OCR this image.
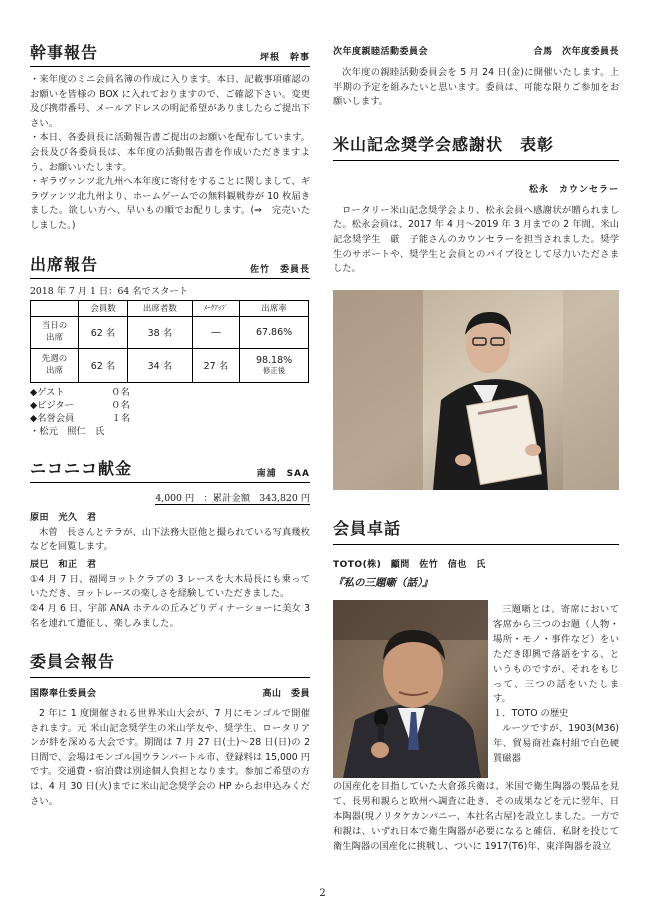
幹事報告	坪根　幹事

・来年度のミニ会員名簿の作成に入ります。本日、記載事項確認のお願いを皆様の BOX に入れておりますので、ご確認下さい。変更及び携帯番号、メールアドレスの明記希望がありましたらご提出下さい。

・本日、各委員長に活動報告書ご提出のお願いを配布しています。会長及び各委員長は、本年度の活動報告書を作成いただきますよう、お願いいたします。

・ギラヴァンツ北九州へ本年度に寄付をすることに関しまして、ギラヴァンツ北九州より、ホームゲームでの無料観戦券が 10 枚届きました。欲しい方へ、早いもの順でお配りします。(⇒　完売いたしました。)

出席報告	佐竹　委員長
2018 年 7 月 1 日：64 名でスタート
	会員数	出席者数	ﾒｰｸｱｯﾌﾟ	出席率
当日の
出席	62 名	38 名	―	67.86%
先週の
出席	62 名	34 名	27 名	98.18%
修正後
◆ゲスト　　　　　０名
◆ビジター　　　　０名
◆名誉会員　　　　１名
・松元　照仁　氏
ニコニコ献金	南浦　SAA
4,000 円　：累計金額　343,820 円
原田　光久　君
木曽　長さんとテラが、山下法務大臣他と撮られている写真幾枚などを回覧します。
辰巳　和正　君

①4 月 7 日、福岡ヨットクラブの 3 レースを大木局長にも乗っていただき、ヨットレースの楽しさを経験していただきました。

②4 月 6 日、宇部 ANA ホテルの丘みどりディナーショーに美女 3 名を連れて遭征し、楽しみました。

委員会報告
国際奉仕委員会	高山　委員
2 年に 1 度開催される世界米山大会が、7 月にモンゴルで開催されます。元 米山記念奨学生の米山学友や、奨学生、ロータリアンが絆を深める大会です。期間は 7 月 27 日(土)〜28 日(日)の 2 日間で、会場はモンゴル国ウランバートル市、登録料は 15,000 円です。交通費・宿泊費は別途個人負担となります。参加ご希望の方は、4 月 30 日(火)までに米山記念奨学会の HP からお申込みください。
次年度親睦活動委員会	合馬　次年度委員長
次年度の親睦活動委員会を 5 月 24 日(金)に開催いたします。上半期の予定を組みたいと思います。委員は、可能な限りご参加をお願いします。
米山記念奨学会感謝状　表彰
松永　カウンセラー
ロータリー米山記念奨学会より、松永会員へ感謝状が贈られました。松永会員は、2017 年 4 月〜2019 年 3 月までの 2 年間、米山記念奨学生　厳　子能さんのカウンセラーを担当されました。奨学生のサポートや、奨学生と会員とのパイプ役として尽力いたださました。
会員卓話
TOTO(株)　顧問　佐竹　信也　氏
『私の三題噺（話）』
三題噺とは、寄席において客席から三つのお題（人物・場所・モノ・事件など）をいただき即興で落語をする、というものですが、それをもじって、三つの話をいたします。
１．TOTO の歴史
ルーツですが、1903(M36)年、貿易商社森村組で白色硬質磁器
の国産化を目指していた大倉孫兵衛は、米国で衛生陶器の製品を見て、長男和親らと欧州へ調査に赴き、その成果などを元に翌年、日本陶器(現ノリタケカンパニー、本社名古屋)を設立しました。一方で和親は、いずれ日本で衛生陶器が必要になると確信、私財を投じて衛生陶器の国産化に挑戦し、ついに 1917(T6)年、東洋陶器を設立
2
